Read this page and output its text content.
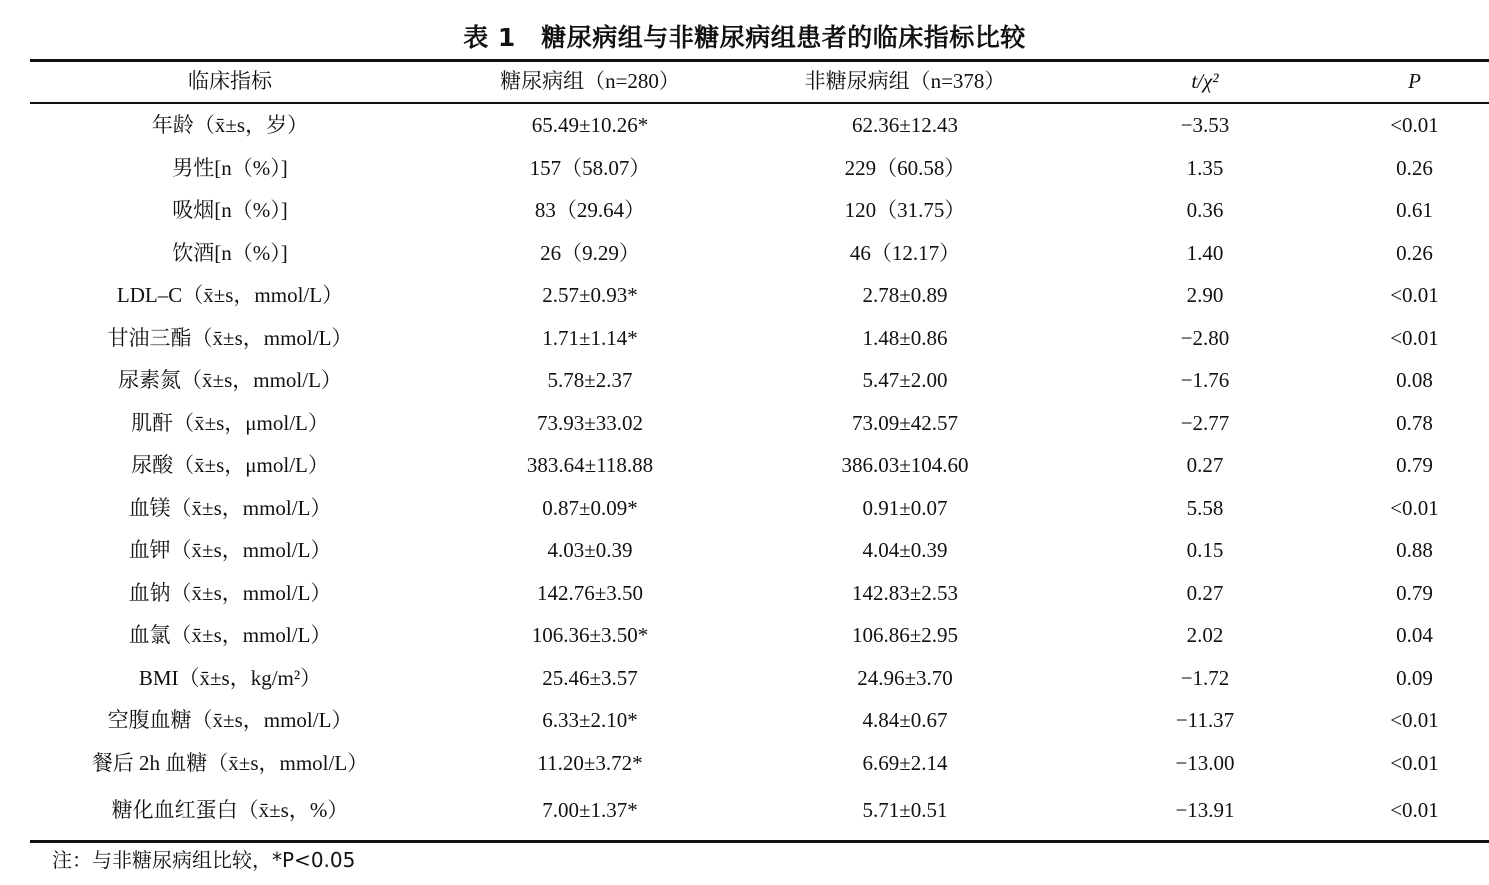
表 1　糖尿病组与非糖尿病组患者的临床指标比较
临床指标	糖尿病组（n=280）	非糖尿病组（n=378）	t/χ²	P
年龄（x̄±s，岁）	65.49±10.26*	62.36±12.43	−3.53	<0.01
男性[n（%）]	157（58.07）	229（60.58）	1.35	0.26
吸烟[n（%）]	83（29.64）	120（31.75）	0.36	0.61
饮酒[n（%）]	26（9.29）	46（12.17）	1.40	0.26
LDL–C（x̄±s，mmol/L）	2.57±0.93*	2.78±0.89	2.90	<0.01
甘油三酯（x̄±s，mmol/L）	1.71±1.14*	1.48±0.86	−2.80	<0.01
尿素氮（x̄±s，mmol/L）	5.78±2.37	5.47±2.00	−1.76	0.08
肌酐（x̄±s，μmol/L）	73.93±33.02	73.09±42.57	−2.77	0.78
尿酸（x̄±s，μmol/L）	383.64±118.88	386.03±104.60	0.27	0.79
血镁（x̄±s，mmol/L）	0.87±0.09*	0.91±0.07	5.58	<0.01
血钾（x̄±s，mmol/L）	4.03±0.39	4.04±0.39	0.15	0.88
血钠（x̄±s，mmol/L）	142.76±3.50	142.83±2.53	0.27	0.79
血氯（x̄±s，mmol/L）	106.36±3.50*	106.86±2.95	2.02	0.04
BMI（x̄±s，kg/m²）	25.46±3.57	24.96±3.70	−1.72	0.09
空腹血糖（x̄±s，mmol/L）	6.33±2.10*	4.84±0.67	−11.37	<0.01
餐后 2h 血糖（x̄±s，mmol/L）	11.20±3.72*	6.69±2.14	−13.00	<0.01
糖化血红蛋白（x̄±s，%）	7.00±1.37*	5.71±0.51	−13.91	<0.01
注：与非糖尿病组比较，*P<0.05
